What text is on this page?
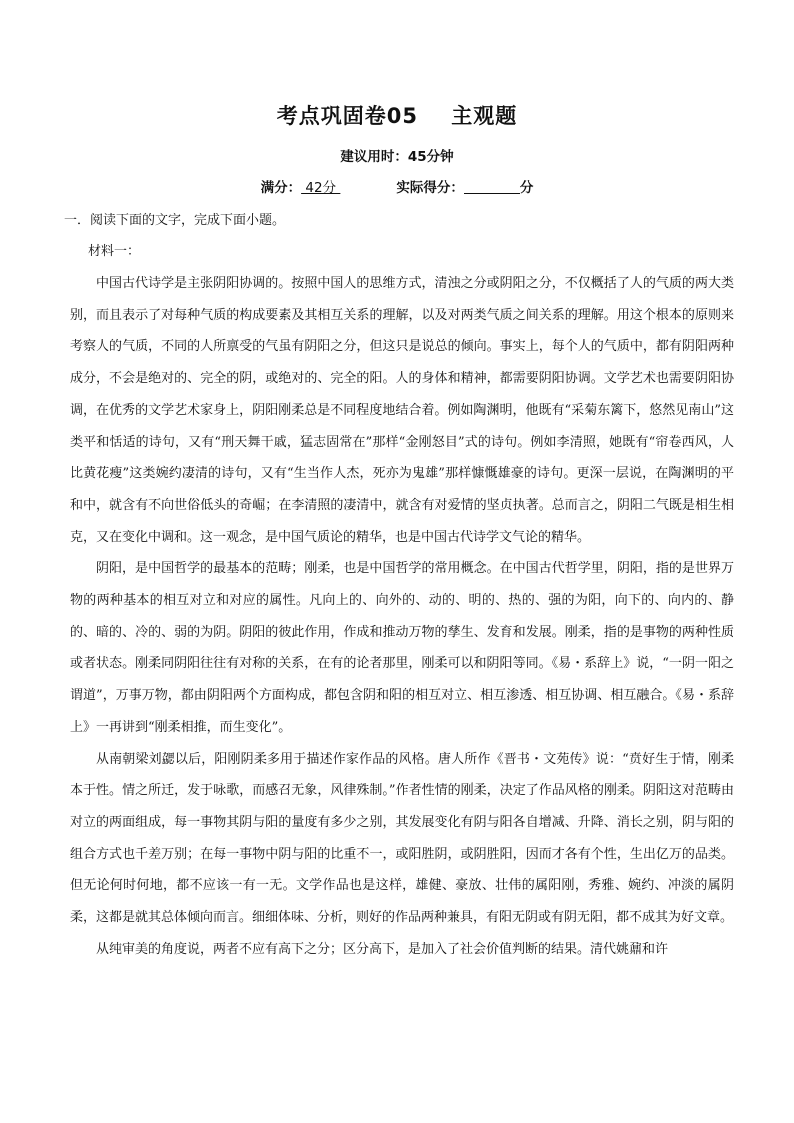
考点巩固卷05    主观题
建议用时：45分钟
满分： 42分	实际得分：	分
一．阅读下面的文字，完成下面小题。
材料一：

中国古代诗学是主张阴阳协调的。按照中国人的思维方式，清浊之分或阴阳之分，不仅概括了人的气质的两大类别，而且表示了对每种气质的构成要素及其相互关系的理解，以及对两类气质之间关系的理解。用这个根本的原则来考察人的气质，不同的人所禀受的气虽有阴阳之分，但这只是说总的倾向。事实上，每个人的气质中，都有阴阳两种成分，不会是绝对的、完全的阴，或绝对的、完全的阳。人的身体和精神，都需要阴阳协调。文学艺术也需要阴阳协调，在优秀的文学艺术家身上，阴阳刚柔总是不同程度地结合着。例如陶渊明，他既有“采菊东篱下，悠然见南山”这类平和恬适的诗句，又有“刑天舞干戚，猛志固常在”那样“金刚怒目”式的诗句。例如李清照，她既有“帘卷西风，人比黄花瘦”这类婉约凄清的诗句，又有“生当作人杰，死亦为鬼雄”那样慷慨雄豪的诗句。更深一层说，在陶渊明的平和中，就含有不向世俗低头的奇崛；在李清照的凄清中，就含有对爱情的坚贞执著。总而言之，阴阳二气既是相生相克，又在变化中调和。这一观念，是中国气质论的精华，也是中国古代诗学文气论的精华。

阴阳，是中国哲学的最基本的范畴；刚柔，也是中国哲学的常用概念。在中国古代哲学里，阴阳，指的是世界万物的两种基本的相互对立和对应的属性。凡向上的、向外的、动的、明的、热的、强的为阳，向下的、向内的、静的、暗的、冷的、弱的为阴。阴阳的彼此作用，作成和推动万物的孳生、发育和发展。刚柔，指的是事物的两种性质或者状态。刚柔同阴阳往往有对称的关系，在有的论者那里，刚柔可以和阴阳等同。《易・系辞上》说，“一阴一阳之谓道”，万事万物，都由阴阳两个方面构成，都包含阴和阳的相互对立、相互渗透、相互协调、相互融合。《易・系辞上》一再讲到“刚柔相推，而生变化”。

从南朝梁刘勰以后，阳刚阴柔多用于描述作家作品的风格。唐人所作《晋书・文苑传》说：“贲好生于情，刚柔本于性。情之所迁，发于咏歌，而感召无象，风律殊制。”作者性情的刚柔，决定了作品风格的刚柔。阴阳这对范畴由对立的两面组成，每一事物其阴与阳的量度有多少之别，其发展变化有阴与阳各自增减、升降、消长之别，阴与阳的组合方式也千差万别；在每一事物中阴与阳的比重不一，或阳胜阴，或阴胜阳，因而才各有个性，生出亿万的品类。但无论何时何地，都不应该一有一无。文学作品也是这样，雄健、豪放、壮伟的属阳刚，秀雅、婉约、冲淡的属阴柔，这都是就其总体倾向而言。细细体味、分析，则好的作品两种兼具，有阳无阴或有阴无阳，都不成其为好文章。

从纯审美的角度说，两者不应有高下之分；区分高下，是加入了社会价值判断的结果。清代姚鼐和许
